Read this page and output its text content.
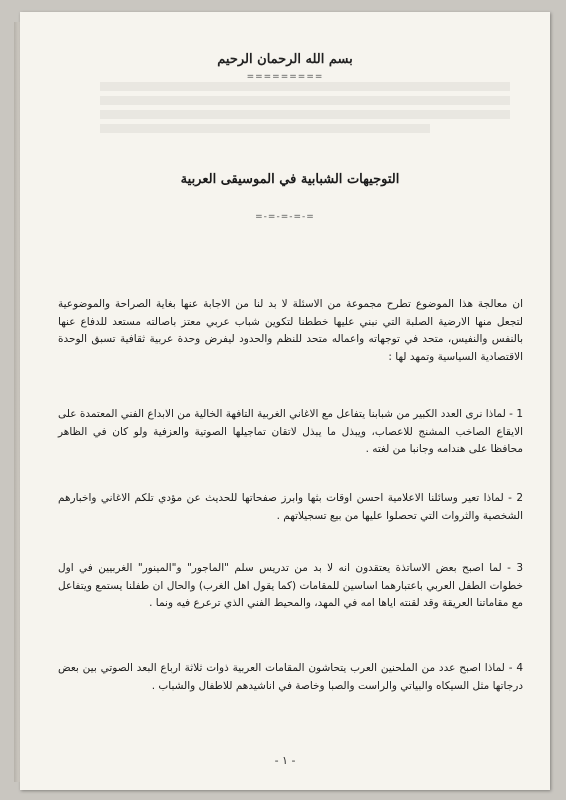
بسم الله الرحمان الرحيم
=========
التوجيهات الشبابية في الموسيقى العربية
=-=-=-=-=

ان معالجة هذا الموضوع تطرح مجموعة من الاسئلة لا بد لنا من الاجابة عنها بغاية الصراحة والموضوعية لتجعل منها الارضية الصلبة التي نبني عليها خططنا لتكوين شباب عربي معتز باصالته مستعد للدفاع عنها بالنفس والنفيس، متحد في توجهاته واعماله متحد للنظم والحدود ليفرض وحدة عربية ثقافية تسبق الوحدة الاقتصادية السياسية وتمهد لها :

1 - لماذا نرى العدد الكبير من شبابنا يتفاعل مع الاغاني الغربية التافهة الخالية من الابداع الفني المعتمدة على الايقاع الصاخب المشنج للاعصاب، ويبذل ما يبذل لاتقان تماجيلها الصوتية والعزفية ولو كان في الظاهر محافظا على هندامه وجانبا من لغته .

2 - لماذا تعير وسائلنا الاعلامية احسن اوقات بثها وابرز صفحاتها للحديث عن مؤدي تلكم الاغاني واخبارهم الشخصية والثروات التي تحصلوا عليها من بيع تسجيلاتهم .

3 - لما اصبح بعض الاساتذة يعتقدون انه لا بد من تدريس سلم "الماجور" و"المينور" الغربيين في اول خطوات الطفل العربي باعتبارهما اساسين للمقامات (كما يقول اهل الغرب) والحال ان طفلنا يستمع ويتفاعل مع مقاماتنا العريقة وقد لقنته اياها امه في المهد، والمحيط الفني الذي ترعرع فيه ونما .

4 - لماذا اصبح عدد من الملحنين العرب يتحاشون المقامات العربية ذوات ثلاثة ارباع البعد الصوتي بين بعض درجاتها مثل السيكاه والبياتي والراست والصبا وخاصة في اناشيدهم للاطفال والشباب .

- ١ -
